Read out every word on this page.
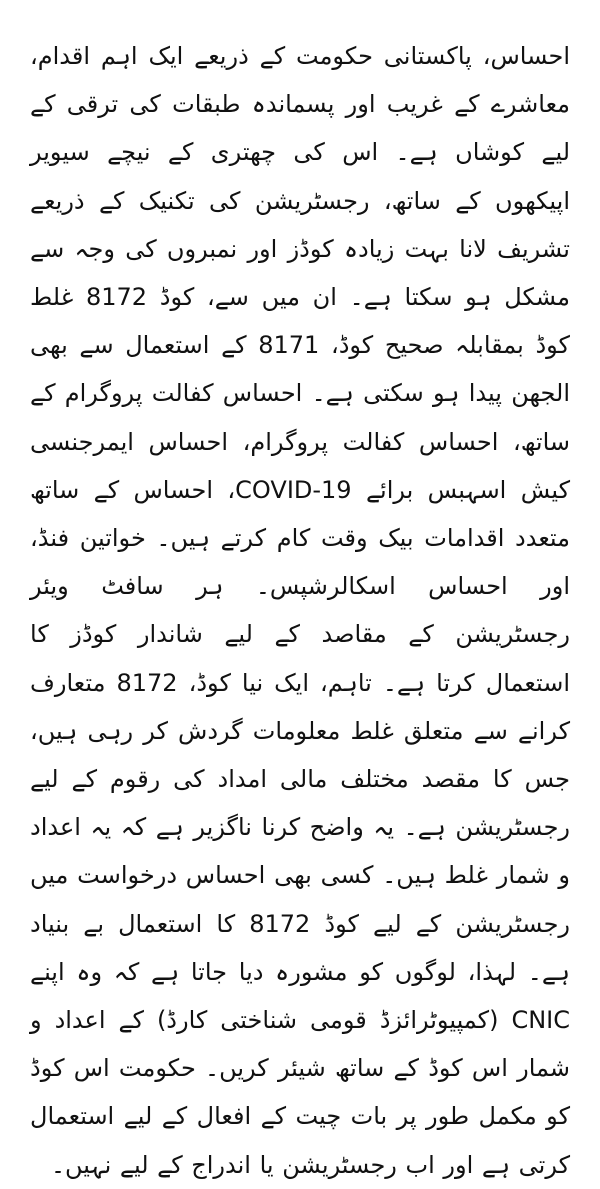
احساس، پاکستانی حکومت کے ذریعے ایک اہم اقدام، معاشرے کے غریب اور پسماندہ طبقات کی ترقی کے لیے کوشاں ہے۔ اس کی چھتری کے نیچے سیویر اپیکھوں کے ساتھ، رجسٹریشن کی تکنیک کے ذریعے تشریف لانا بہت زیادہ کوڈز اور نمبروں کی وجہ سے مشکل ہو سکتا ہے۔ ان میں سے، کوڈ 8172 غلط کوڈ بمقابلہ صحیح کوڈ، 8171 کے استعمال سے بھی الجھن پیدا ہو سکتی ہے۔ احساس کفالت پروگرام کے ساتھ، احساس کفالت پروگرام، احساس ایمرجنسی کیش اسہبس برائے COVID-19، احساس کے ساتھ متعدد اقدامات بیک وقت کام کرتے ہیں۔ خواتین فنڈ، اور احساس اسکالرشپس۔ ہر سافٹ ویئر رجسٹریشن کے مقاصد کے لیے شاندار کوڈز کا استعمال کرتا ہے۔ تاہم، ایک نیا کوڈ، 8172 متعارف کرانے سے متعلق غلط معلومات گردش کر رہی ہیں، جس کا مقصد مختلف مالی امداد کی رقوم کے لیے رجسٹریشن ہے۔ یہ واضح کرنا ناگزیر ہے کہ یہ اعداد و شمار غلط ہیں۔ کسی بھی احساس درخواست میں رجسٹریشن کے لیے کوڈ 8172 کا استعمال بے بنیاد ہے۔ لہذا، لوگوں کو مشورہ دیا جاتا ہے کہ وہ اپنے CNIC (کمپیوٹرائزڈ قومی شناختی کارڈ) کے اعداد و شمار اس کوڈ کے ساتھ شیئر کریں۔ حکومت اس کوڈ کو مکمل طور پر بات چیت کے افعال کے لیے استعمال کرتی ہے اور اب رجسٹریشن یا اندراج کے لیے نہیں۔
